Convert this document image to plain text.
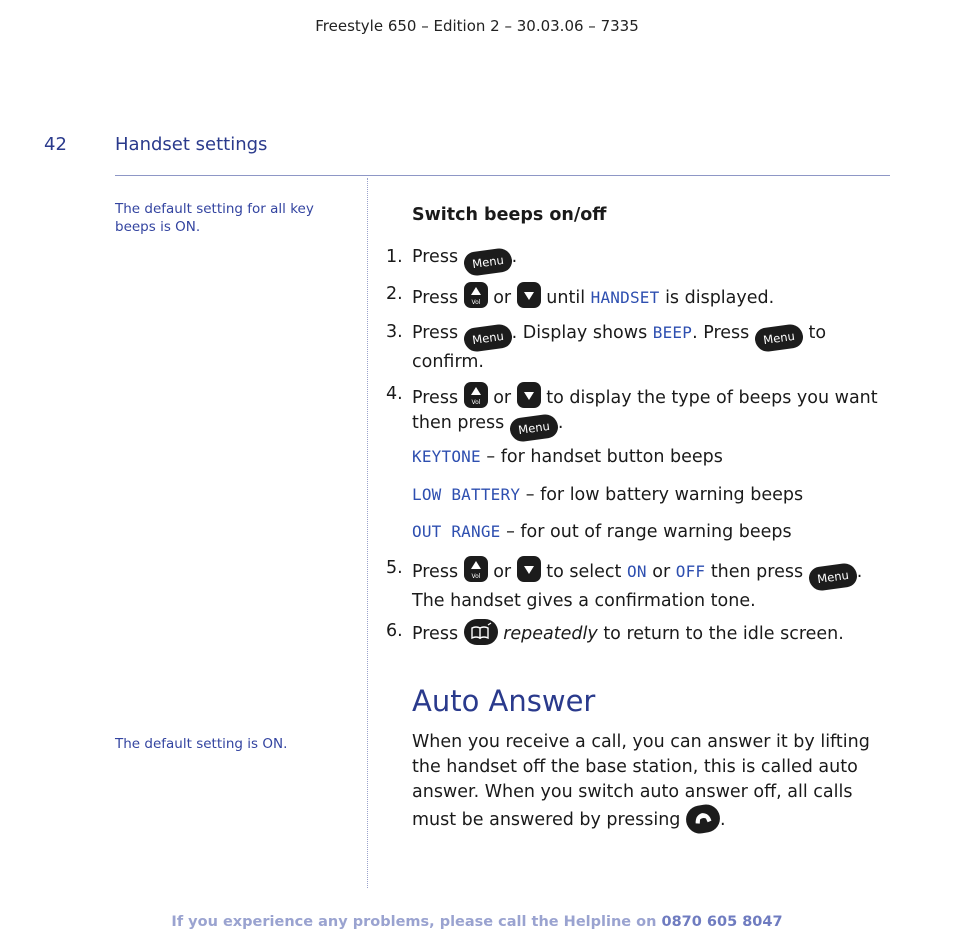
Freestyle 650 – Edition 2 – 30.03.06 – 7335
42	Handset settings
The default setting for all key beeps is ON.
The default setting is ON.
Switch beeps on/off
1. Press Menu .
2. Press Vol or until HANDSET is displayed.
3. Press Menu . Display shows BEEP. Press Menu to
confirm.
4. Press Vol or to display the type of beeps you want
then press Menu .
KEYTONE – for handset button beeps
LOW BATTERY – for low battery warning beeps
OUT RANGE – for out of range warning beeps
5. Press Vol or to select ON or OFF then press Menu .
The handset gives a confirmation tone.
6. Press	repeatedly to return to the idle screen.
Auto Answer
When you receive a call, you can answer it by lifting the handset off the base station, this is called auto answer. When you switch auto answer off, all calls must be answered by pressing .
If you experience any problems, please call the Helpline on 0870 605 8047
